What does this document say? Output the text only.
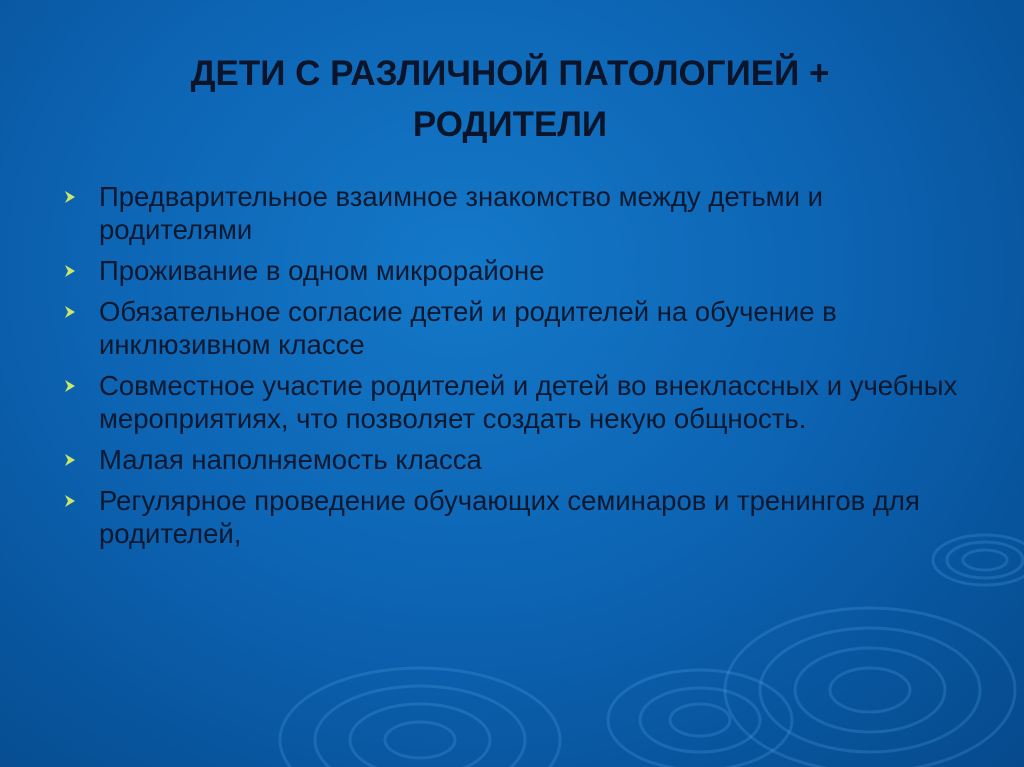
ДЕТИ С РАЗЛИЧНОЙ ПАТОЛОГИЕЙ +
РОДИТЕЛИ
Предварительное взаимное знакомство между детьми и родителями
Проживание в одном микрорайоне
Обязательное согласие детей и родителей на обучение в инклюзивном классе
Совместное участие родителей и детей во внеклассных и учебных мероприятиях, что позволяет создать некую общность.
Малая наполняемость класса
Регулярное проведение обучающих семинаров и тренингов для родителей,
